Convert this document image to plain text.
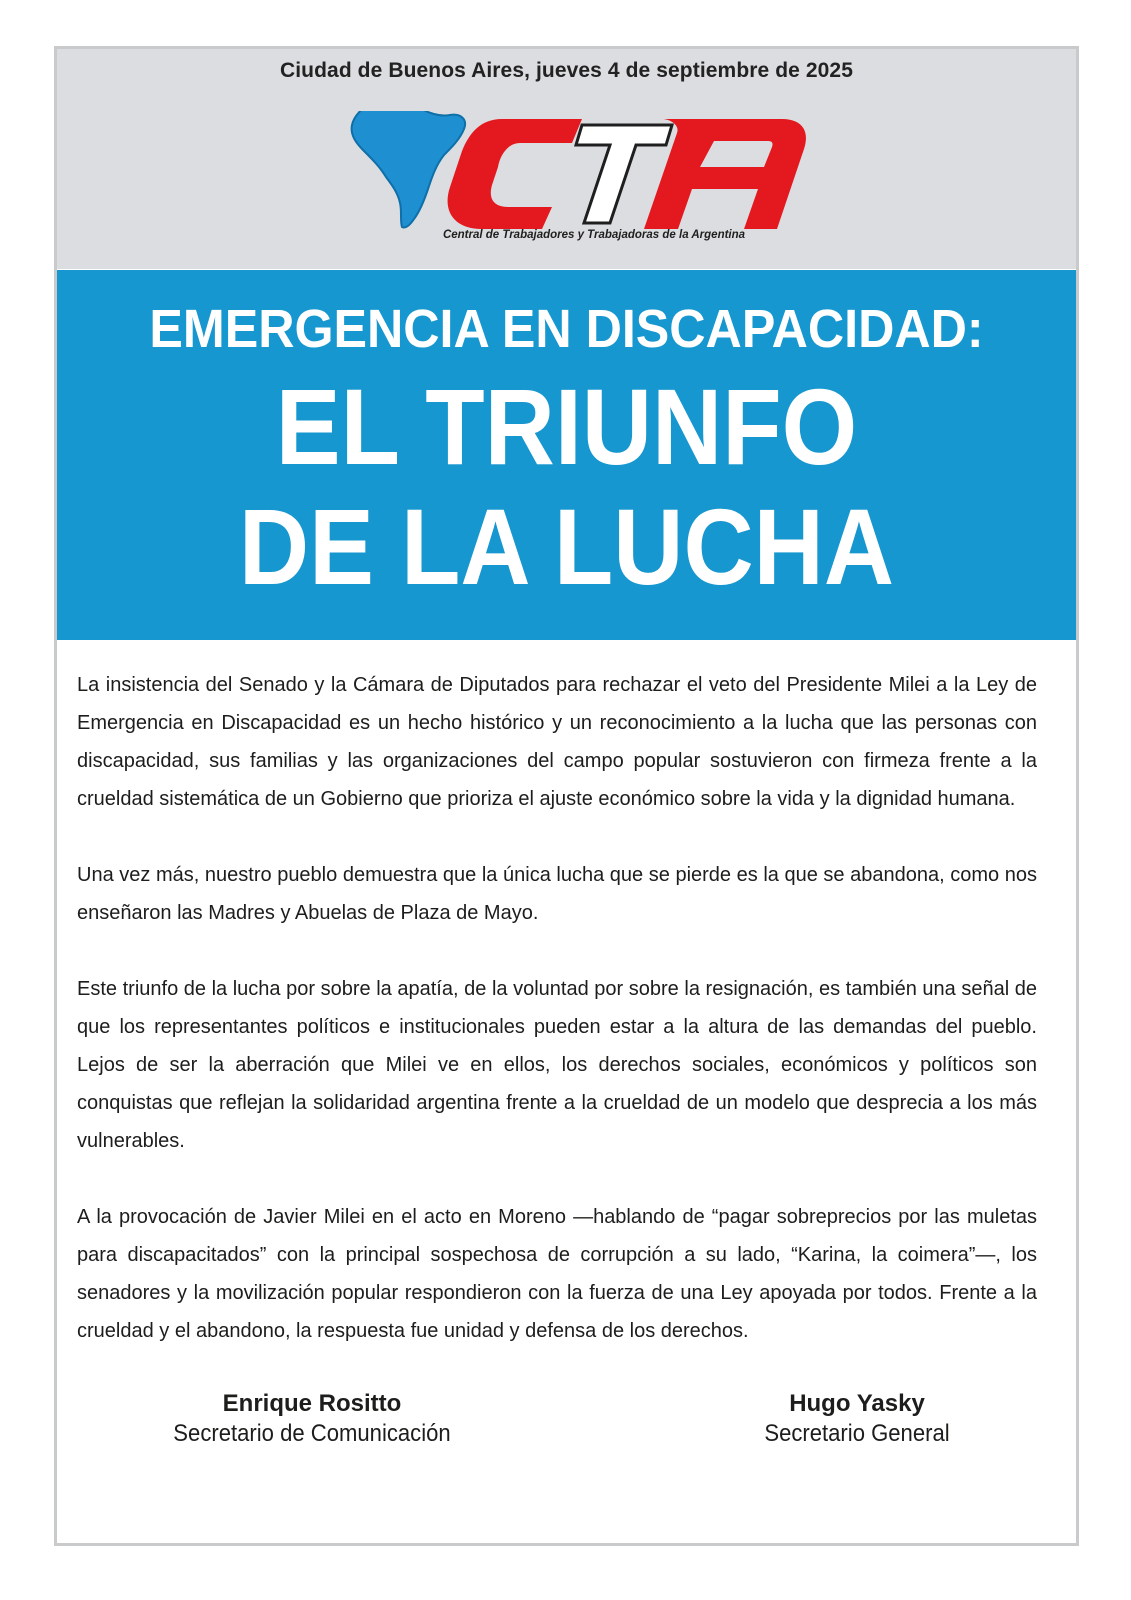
Ciudad de Buenos Aires, jueves 4 de septiembre de 2025
Central de Trabajadores y Trabajadoras de la Argentina
EMERGENCIA EN DISCAPACIDAD:
EL TRIUNFO
DE LA LUCHA

La insistencia del Senado y la Cámara de Diputados para rechazar el veto del Presidente Milei a la Ley de Emergencia en Discapacidad es un hecho histórico y un reconocimiento a la lucha que las personas con discapacidad, sus familias y las organizaciones del campo popular sostuvieron con firmeza frente a la crueldad sistemática de un Gobierno que prioriza el ajuste económico sobre la vida y la dignidad humana.

Una vez más, nuestro pueblo demuestra que la única lucha que se pierde es la que se abandona, como nos enseñaron las Madres y Abuelas de Plaza de Mayo.

Este triunfo de la lucha por sobre la apatía, de la voluntad por sobre la resignación, es también una señal de que los representantes políticos e institucionales pueden estar a la altura de las demandas del pueblo. Lejos de ser la aberración que Milei ve en ellos, los derechos sociales, económicos y políticos son conquistas que reflejan la solidaridad argentina frente a la crueldad de un modelo que desprecia a los más vulnerables.

A la provocación de Javier Milei en el acto en Moreno —hablando de “pagar sobreprecios por las muletas para discapacitados” con la principal sospechosa de corrupción a su lado, “Karina, la coimera”—, los senadores y la movilización popular respondieron con la fuerza de una Ley apoyada por todos. Frente a la crueldad y el abandono, la respuesta fue unidad y defensa de los derechos.

Enrique Rositto
Secretario de Comunicación
Hugo Yasky
Secretario General
